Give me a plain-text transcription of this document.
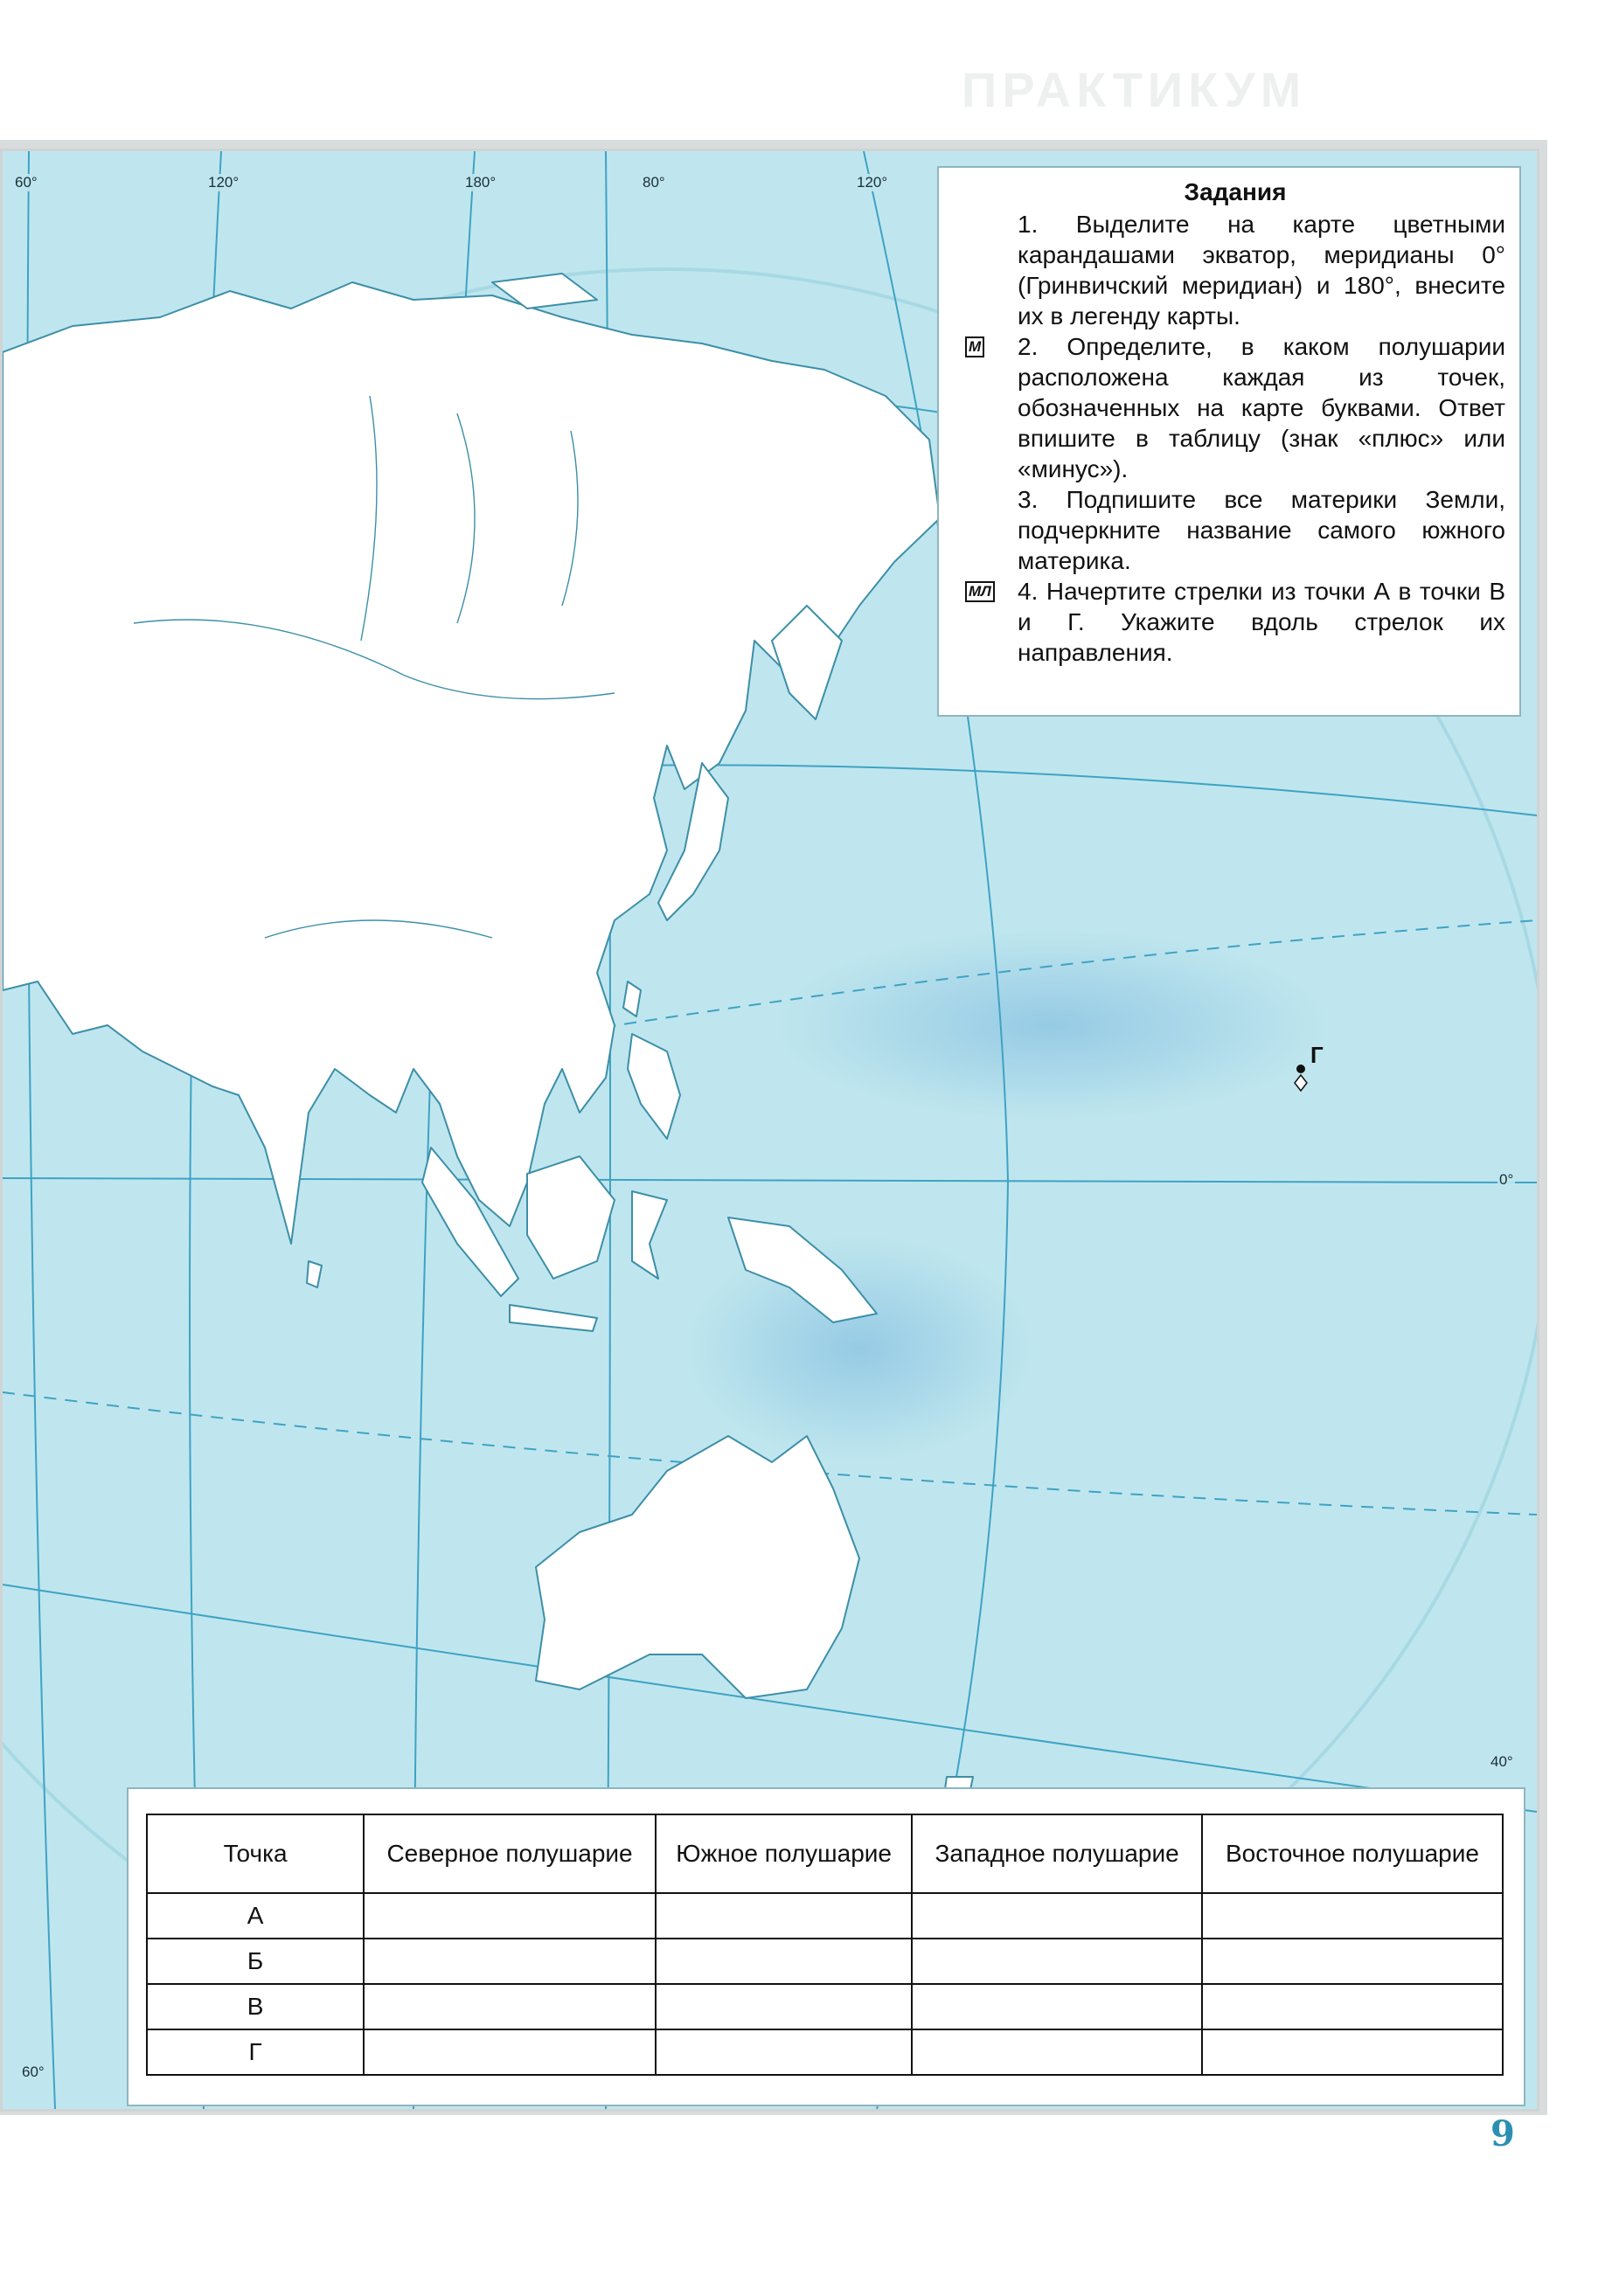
ПРАКТИКУМ
Г
60°	120°	180°	80°	120°
0°
40°
60°

Задания

1. Выделите на карте цветными карандашами экватор, меридианы 0° (Гринвичский меридиан) и 180°, внесите их в легенду карты.

М 2. Определите, в каком полушарии расположена каждая из точек, обозначенных на карте буквами. Ответ впишите в таблицу (знак «плюс» или «минус»).

3. Подпишите все материки Земли, подчеркните название самого южного материка.

МЛ 4. Начертите стрелки из точки А в точки В и Г. Укажите вдоль стрелок их направления.

Точка	Северное полушарие	Южное полушарие	Западное полушарие	Восточное полушарие
А				
Б				
В				
Г				
9
